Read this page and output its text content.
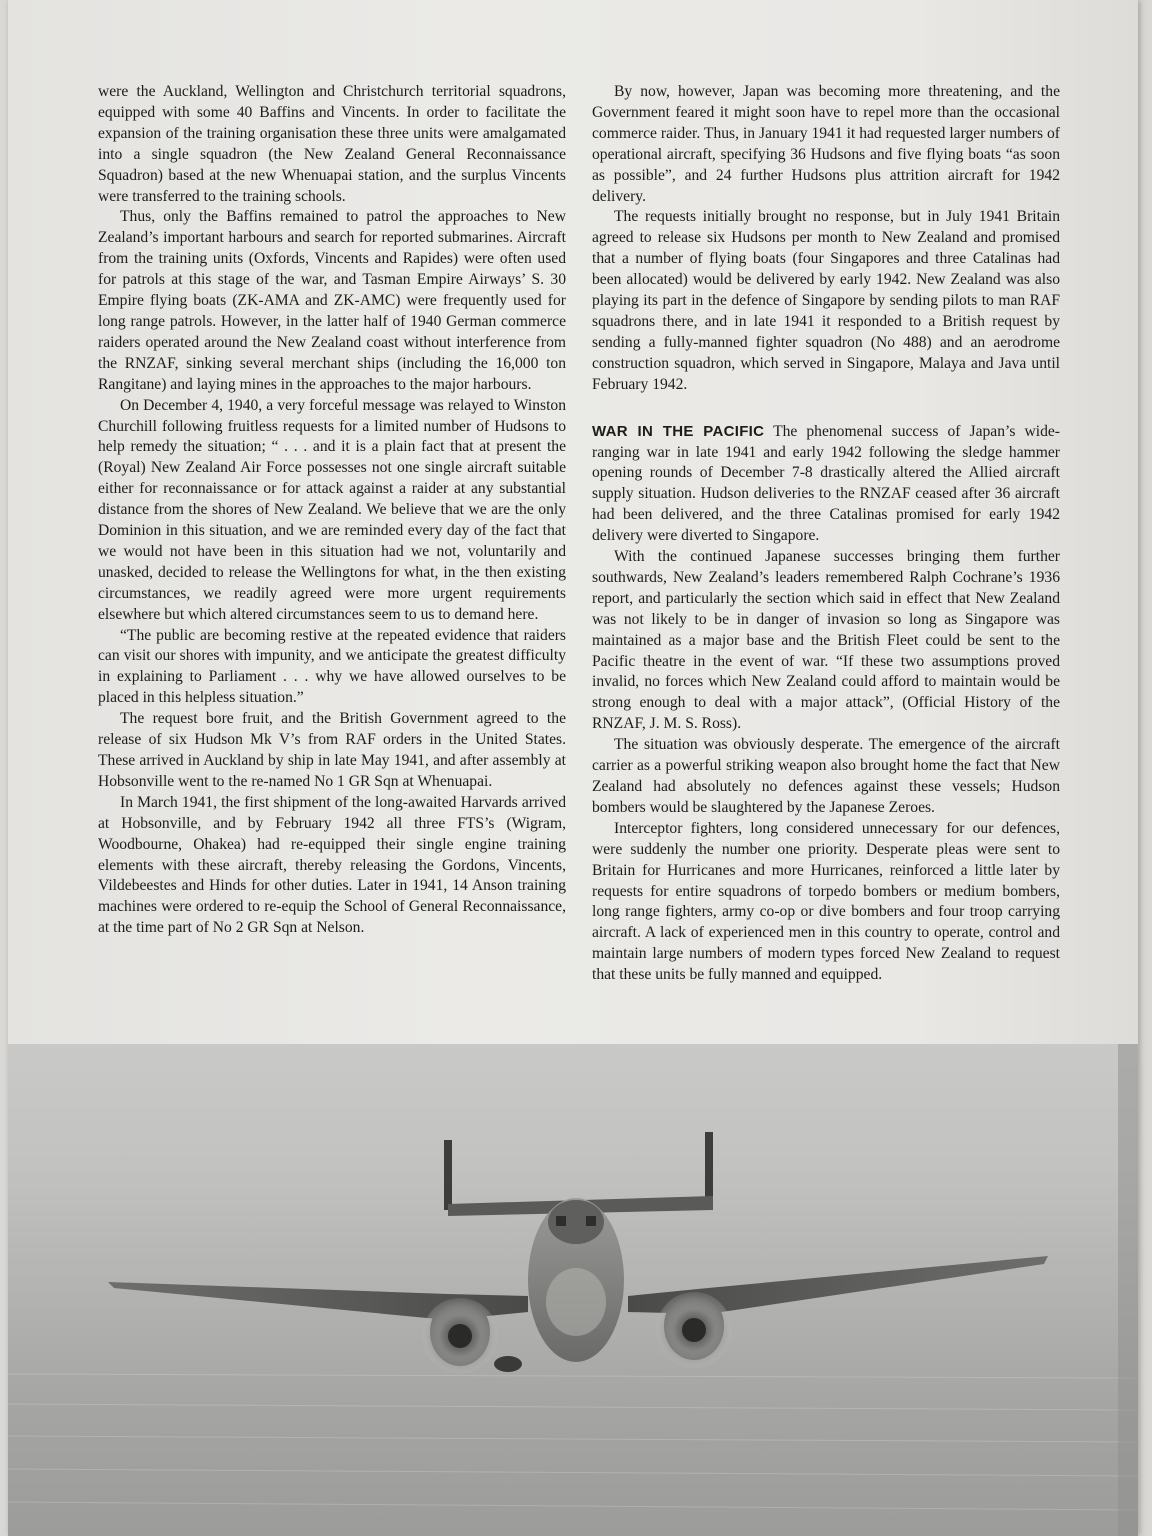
were the Auckland, Wellington and Christchurch territorial squadrons, equipped with some 40 Baffins and Vincents. In order to facilitate the expansion of the training organisation these three units were amalgamated into a single squadron (the New Zealand General Reconnaissance Squadron) based at the new Whenuapai station, and the surplus Vincents were transferred to the training schools.

Thus, only the Baffins remained to patrol the approaches to New Zealand’s important harbours and search for reported submarines. Aircraft from the training units (Oxfords, Vincents and Rapides) were often used for patrols at this stage of the war, and Tasman Empire Airways’ S. 30 Empire flying boats (ZK-AMA and ZK-AMC) were frequently used for long range patrols. However, in the latter half of 1940 German commerce raiders operated around the New Zealand coast without interference from the RNZAF, sinking several merchant ships (including the 16,000 ton Rangitane) and laying mines in the approaches to the major harbours.

On December 4, 1940, a very forceful message was relayed to Winston Churchill following fruitless requests for a limited number of Hudsons to help remedy the situation; “ . . . and it is a plain fact that at present the (Royal) New Zealand Air Force possesses not one single aircraft suitable either for reconnaissance or for attack against a raider at any substantial distance from the shores of New Zealand. We believe that we are the only Dominion in this situation, and we are reminded every day of the fact that we would not have been in this situation had we not, voluntarily and unasked, decided to release the Wellingtons for what, in the then existing circumstances, we readily agreed were more urgent requirements elsewhere but which altered circumstances seem to us to demand here.

“The public are becoming restive at the repeated evidence that raiders can visit our shores with impunity, and we anticipate the greatest difficulty in explaining to Parliament . . . why we have allowed ourselves to be placed in this helpless situation.”

The request bore fruit, and the British Government agreed to the release of six Hudson Mk V’s from RAF orders in the United States. These arrived in Auckland by ship in late May 1941, and after assembly at Hobsonville went to the re-named No 1 GR Sqn at Whenuapai.

In March 1941, the first shipment of the long-awaited Harvards arrived at Hobsonville, and by February 1942 all three FTS’s (Wigram, Woodbourne, Ohakea) had re-equipped their single engine training elements with these aircraft, thereby releasing the Gordons, Vincents, Vildebeestes and Hinds for other duties. Later in 1941, 14 Anson training machines were ordered to re-equip the School of General Reconnaissance, at the time part of No 2 GR Sqn at Nelson.

By now, however, Japan was becoming more threatening, and the Government feared it might soon have to repel more than the occasional commerce raider. Thus, in January 1941 it had requested larger numbers of operational aircraft, specifying 36 Hudsons and five flying boats “as soon as possible”, and 24 further Hudsons plus attrition aircraft for 1942 delivery.

The requests initially brought no response, but in July 1941 Britain agreed to release six Hudsons per month to New Zealand and promised that a number of flying boats (four Singapores and three Catalinas had been allocated) would be delivered by early 1942. New Zealand was also playing its part in the defence of Singapore by sending pilots to man RAF squadrons there, and in late 1941 it responded to a British request by sending a fully-manned fighter squadron (No 488) and an aerodrome construction squadron, which served in Singapore, Malaya and Java until February 1942.

WAR IN THE PACIFIC The phenomenal success of Japan’s wide-ranging war in late 1941 and early 1942 following the sledge hammer opening rounds of December 7-8 drastically altered the Allied aircraft supply situation. Hudson deliveries to the RNZAF ceased after 36 aircraft had been delivered, and the three Catalinas promised for early 1942 delivery were diverted to Singapore.

With the continued Japanese successes bringing them further southwards, New Zealand’s leaders remembered Ralph Cochrane’s 1936 report, and particularly the section which said in effect that New Zealand was not likely to be in danger of invasion so long as Singapore was maintained as a major base and the British Fleet could be sent to the Pacific theatre in the event of war. “If these two assumptions proved invalid, no forces which New Zealand could afford to maintain would be strong enough to deal with a major attack”, (Official History of the RNZAF, J. M. S. Ross).

The situation was obviously desperate. The emergence of the aircraft carrier as a powerful striking weapon also brought home the fact that New Zealand had absolutely no defences against these vessels; Hudson bombers would be slaughtered by the Japanese Zeroes.

Interceptor fighters, long considered unnecessary for our defences, were suddenly the number one priority. Desperate pleas were sent to Britain for Hurricanes and more Hurricanes, reinforced a little later by requests for entire squadrons of torpedo bombers or medium bombers, long range fighters, army co-op or dive bombers and four troop carrying aircraft. A lack of experienced men in this country to operate, control and maintain large numbers of modern types forced New Zealand to request that these units be fully manned and equipped.
